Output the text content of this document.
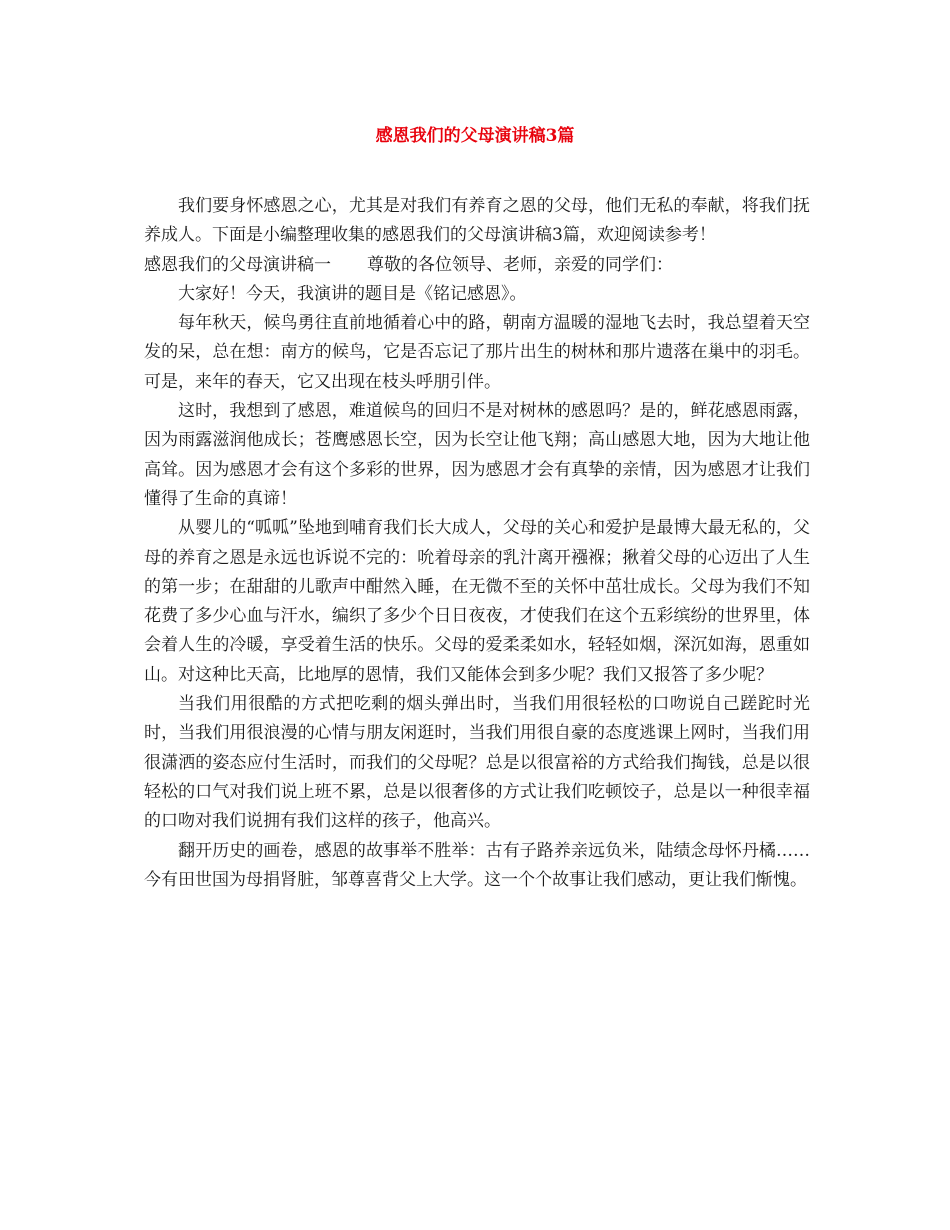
感恩我们的父母演讲稿3篇

我们要身怀感恩之心，尤其是对我们有养育之恩的父母，他们无私的奉献，将我们抚养成人。下面是小编整理收集的感恩我们的父母演讲稿3篇，欢迎阅读参考！

感恩我们的父母演讲稿一 尊敬的各位领导、老师，亲爱的同学们：

大家好！今天，我演讲的题目是《铭记感恩》。

每年秋天，候鸟勇往直前地循着心中的路，朝南方温暖的湿地飞去时，我总望着天空发的呆，总在想：南方的候鸟，它是否忘记了那片出生的树林和那片遗落在巢中的羽毛。可是，来年的春天，它又出现在枝头呼朋引伴。

这时，我想到了感恩，难道候鸟的回归不是对树林的感恩吗？是的，鲜花感恩雨露，因为雨露滋润他成长；苍鹰感恩长空，因为长空让他飞翔；高山感恩大地，因为大地让他高耸。因为感恩才会有这个多彩的世界，因为感恩才会有真挚的亲情，因为感恩才让我们懂得了生命的真谛！

从婴儿的“呱呱”坠地到哺育我们长大成人，父母的关心和爱护是最博大最无私的，父母的养育之恩是永远也诉说不完的：吮着母亲的乳汁离开襁褓；揪着父母的心迈出了人生的第一步；在甜甜的儿歌声中酣然入睡，在无微不至的关怀中茁壮成长。父母为我们不知花费了多少心血与汗水，编织了多少个日日夜夜，才使我们在这个五彩缤纷的世界里，体会着人生的冷暖，享受着生活的快乐。父母的爱柔柔如水，轻轻如烟，深沉如海，恩重如山。对这种比天高，比地厚的恩情，我们又能体会到多少呢？我们又报答了多少呢？

当我们用很酷的方式把吃剩的烟头弹出时，当我们用很轻松的口吻说自己蹉跎时光时，当我们用很浪漫的心情与朋友闲逛时，当我们用很自豪的态度逃课上网时，当我们用很潇洒的姿态应付生活时，而我们的父母呢？总是以很富裕的方式给我们掏钱，总是以很轻松的口气对我们说上班不累，总是以很奢侈的方式让我们吃顿饺子，总是以一种很幸福的口吻对我们说拥有我们这样的孩子，他高兴。

翻开历史的画卷，感恩的故事举不胜举：古有子路养亲远负米，陆绩念母怀丹橘……今有田世国为母捐肾脏，邹尊喜背父上大学。这一个个故事让我们感动，更让我们惭愧。
